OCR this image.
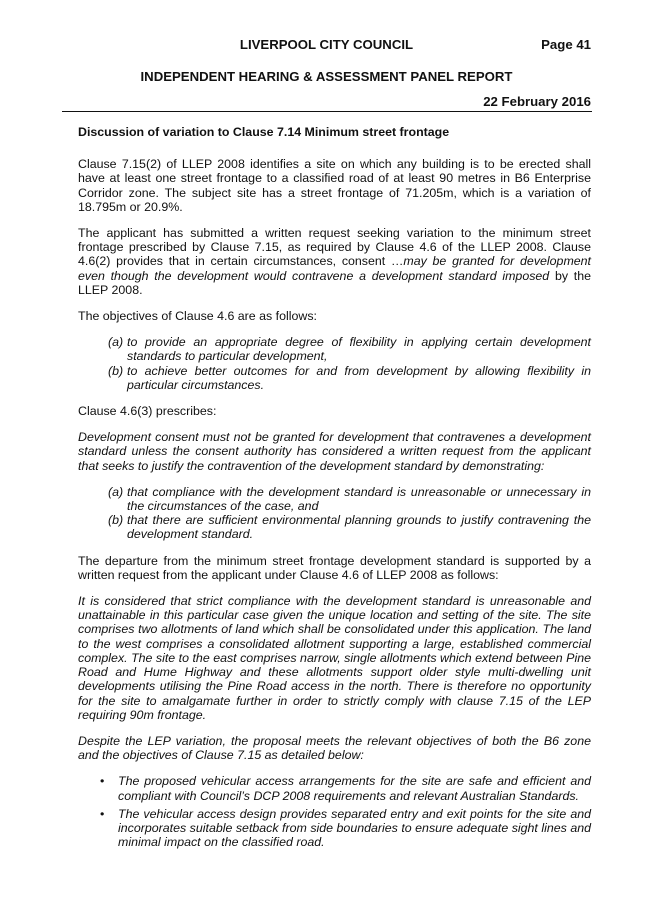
LIVERPOOL CITY COUNCIL	Page 41
INDEPENDENT HEARING & ASSESSMENT PANEL REPORT
22 February 2016

Discussion of variation to Clause 7.14 Minimum street frontage

Clause 7.15(2) of LLEP 2008 identifies a site on which any building is to be erected shall have at least one street frontage to a classified road of at least 90 metres in B6 Enterprise Corridor zone. The subject site has a street frontage of 71.205m, which is a variation of 18.795m or 20.9%.

The applicant has submitted a written request seeking variation to the minimum street frontage prescribed by Clause 7.15, as required by Clause 4.6 of the LLEP 2008. Clause 4.6(2) provides that in certain circumstances, consent …may be granted for development even though the development would contravene a development standard imposed by the LLEP 2008.

The objectives of Clause 4.6 are as follows:

(a) to provide an appropriate degree of flexibility in applying certain development standards to particular development,
(b) to achieve better outcomes for and from development by allowing flexibility in particular circumstances.

Clause 4.6(3) prescribes:

Development consent must not be granted for development that contravenes a development standard unless the consent authority has considered a written request from the applicant that seeks to justify the contravention of the development standard by demonstrating:

(a) that compliance with the development standard is unreasonable or unnecessary in the circumstances of the case, and
(b) that there are sufficient environmental planning grounds to justify contravening the development standard.

The departure from the minimum street frontage development standard is supported by a written request from the applicant under Clause 4.6 of LLEP 2008 as follows:

It is considered that strict compliance with the development standard is unreasonable and unattainable in this particular case given the unique location and setting of the site. The site comprises two allotments of land which shall be consolidated under this application. The land to the west comprises a consolidated allotment supporting a large, established commercial complex. The site to the east comprises narrow, single allotments which extend between Pine Road and Hume Highway and these allotments support older style multi-dwelling unit developments utilising the Pine Road access in the north. There is therefore no opportunity for the site to amalgamate further in order to strictly comply with clause 7.15 of the LEP requiring 90m frontage.

Despite the LEP variation, the proposal meets the relevant objectives of both the B6 zone and the objectives of Clause 7.15 as detailed below:

• The proposed vehicular access arrangements for the site are safe and efficient and compliant with Council’s DCP 2008 requirements and relevant Australian Standards.
• The vehicular access design provides separated entry and exit points for the site and incorporates suitable setback from side boundaries to ensure adequate sight lines and minimal impact on the classified road.
